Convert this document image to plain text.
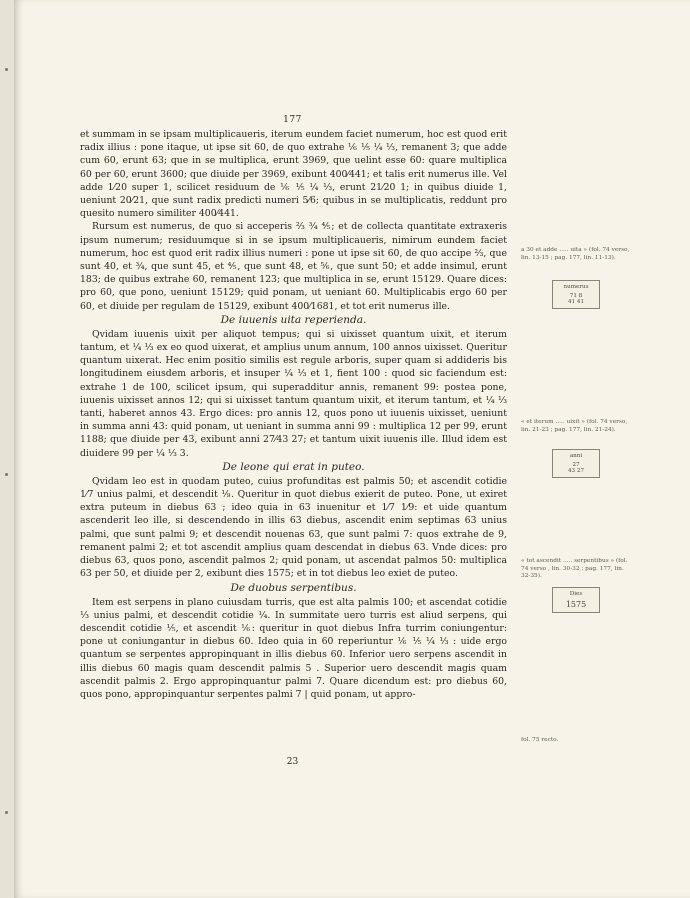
177

et summam in se ipsam multiplicaueris, iterum eundem faciet numerum, hoc est quod erit radix illius : pone itaque, ut ipse sit 60, de quo extrahe ⅙ ⅕ ¼ ⅓, remanent 3; que adde cum 60, erunt 63; que in se multiplica, erunt 3969, que uelint esse 60: quare multiplica 60 per 60, erunt 3600; que diuide per 3969, exibunt 400⁄441; et talis erit numerus ille. Vel adde 1⁄20 super 1, scilicet residuum de ⅙ ⅕ ¼ ⅓, erunt 21⁄20 1; in quibus diuide 1, ueniunt 20⁄21, que sunt radix predicti numeri 5⁄6; quibus in se multiplicatis, reddunt pro quesito numero similiter 400⁄441.

Rursum est numerus, de quo si acceperis ⅔ ¾ ⅘; et de collecta quantitate extraxeris ipsum numerum; residuumque si in se ipsum multiplicaueris, nimirum eundem faciet numerum, hoc est quod erit radix illius numeri : pone ut ipse sit 60, de quo accipe ⅔, que sunt 40, et ¾, que sunt 45, et ⅘, que sunt 48, et ⅚, que sunt 50; et adde insimul, erunt 183; de quibus extrahe 60, remanent 123; que multiplica in se, erunt 15129. Quare dices: pro 60, que pono, ueniunt 15129; quid ponam, ut ueniant 60. Multiplicabis ergo 60 per 60, et diuide per regulam de 15129, exibunt 400⁄1681, et tot erit numerus ille.

De iuuenis uita reperienda.

Qvidam iuuenis uixit per aliquot tempus; qui si uixisset quantum uixit, et iterum tantum, et ¼ ⅓ ex eo quod uixerat, et amplius unum annum, 100 annos uixisset. Queritur quantum uixerat. Hec enim positio similis est regule arboris, super quam si addideris bis longitudinem eiusdem arboris, et insuper ¼ ⅓ et 1, fient 100 : quod sic faciendum est: extrahe 1 de 100, scilicet ipsum, qui superadditur annis, remanent 99: postea pone, iuuenis uixisset annos 12; qui si uixisset tantum quantum uixit, et iterum tantum, et ¼ ⅓ tanti, haberet annos 43. Ergo dices: pro annis 12, quos pono ut iuuenis uixisset, ueniunt in summa anni 43: quid ponam, ut ueniant in summa anni 99 : multiplica 12 per 99, erunt 1188; que diuide per 43, exibunt anni 27⁄43 27; et tantum uixit iuuenis ille. Illud idem est diuidere 99 per ¼ ⅓ 3.

De leone qui erat in puteo.

Qvidam leo est in quodam puteo, cuius profunditas est palmis 50; et ascendit cotidie 1⁄7 unius palmi, et descendit ⅑. Queritur in quot diebus exierit de puteo. Pone, ut exiret extra puteum in diebus 63 ; ideo quia in 63 inuenitur et 1⁄7 1⁄9: et uide quantum ascenderit leo ille, si descendendo in illis 63 diebus, ascendit enim septimas 63 unius palmi, que sunt palmi 9; et descendit nouenas 63, que sunt palmi 7: quos extrahe de 9, remanent palmi 2; et tot ascendit amplius quam descendat in diebus 63. Vnde dices: pro diebus 63, quos pono, ascendit palmos 2; quid ponam, ut ascendat palmos 50: multiplica 63 per 50, et diuide per 2, exibunt dies 1575; et in tot diebus leo exiet de puteo.

De duobus serpentibus.

Item est serpens in plano cuiusdam turris, que est alta palmis 100; et ascendat cotidie ⅓ unius palmi, et descendit cotidie ¼. In summitate uero turris est aliud serpens, qui descendit cotidie ⅕, et ascendit ⅙: queritur in quot diebus Infra turrim coniungentur: pone ut coniungantur in diebus 60. Ideo quia in 60 reperiuntur ⅙ ⅕ ¼ ⅓ : uide ergo quantum se serpentes appropinquant in illis diebus 60. Inferior uero serpens ascendit in illis diebus 60 magis quam descendit palmis 5 . Superior uero descendit magis quam ascendit palmis 2. Ergo appropinquantur palmi 7. Quare dicendum est: pro diebus 60, quos pono, appropinquantur serpentes palmi 7 | quid ponam, ut appro-

23
a 30 et adde ..... uita » (fol. 74 verso, lin. 13-15 ; pag. 177, lin. 11-13).
numerus
71 8
41 41
« et iterum ..... uixit » (fol. 74 verso, lin. 21-23 ; pag. 177, lin. 21-24).
anni
27
43 27
« tot ascendit ..... serpentibus » (fol. 74 verso , lin. 30-32 ; pag. 177, lin. 32-35).
Dies
1575
fol. 75 recto.
